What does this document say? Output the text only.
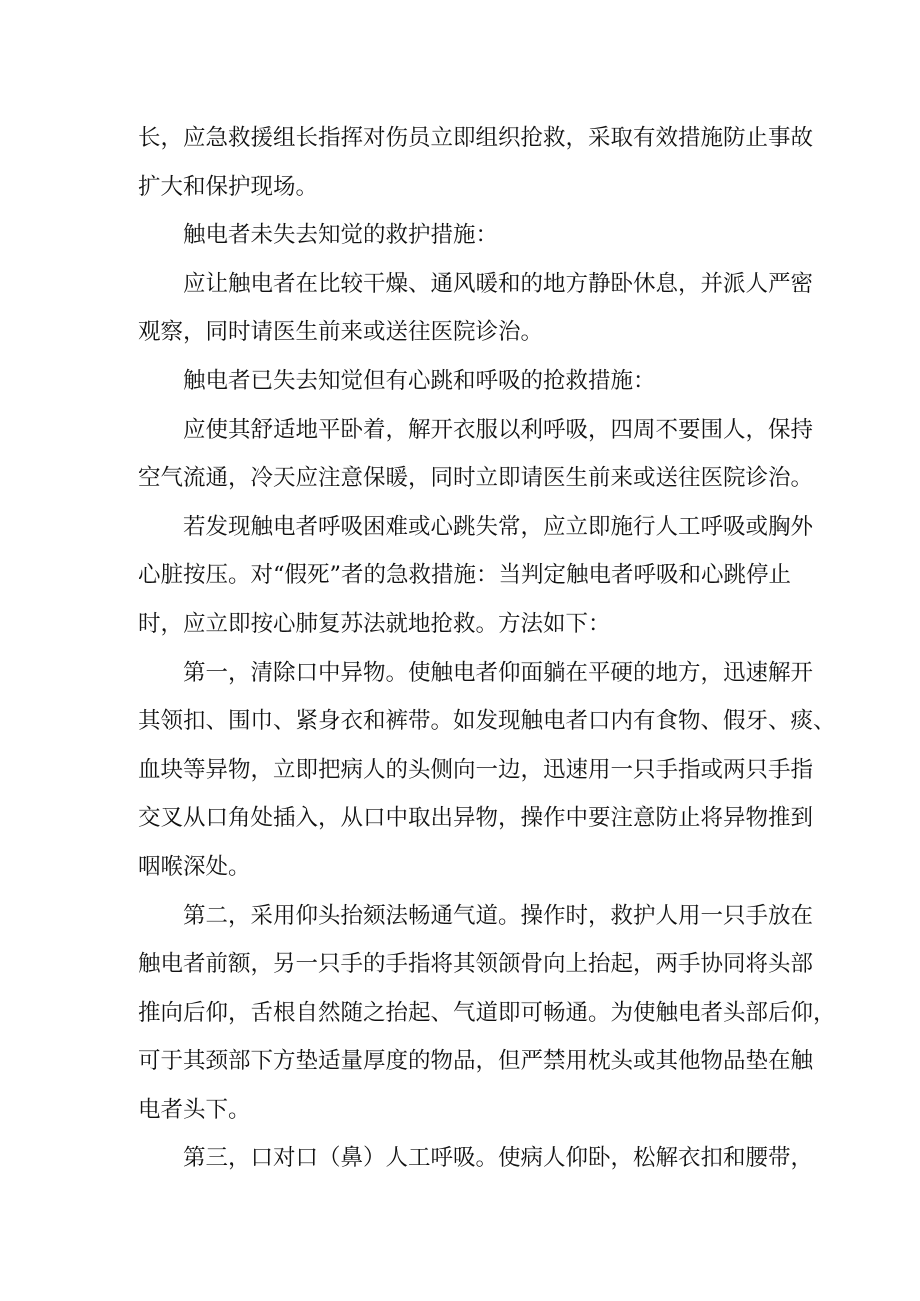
长，应急救援组长指挥对伤员立即组织抢救，采取有效措施防止事故
扩大和保护现场。
触电者未失去知觉的救护措施：
应让触电者在比较干燥、通风暖和的地方静卧休息，并派人严密
观察，同时请医生前来或送往医院诊治。
触电者已失去知觉但有心跳和呼吸的抢救措施：
应使其舒适地平卧着，解开衣服以利呼吸，四周不要围人，保持
空气流通，冷天应注意保暖，同时立即请医生前来或送往医院诊治。
若发现触电者呼吸困难或心跳失常，应立即施行人工呼吸或胸外
心脏按压。对“假死”者的急救措施：当判定触电者呼吸和心跳停止
时，应立即按心肺复苏法就地抢救。方法如下：
第一，清除口中异物。使触电者仰面躺在平硬的地方，迅速解开
其领扣、围巾、紧身衣和裤带。如发现触电者口内有食物、假牙、痰、
血块等异物，立即把病人的头侧向一边，迅速用一只手指或两只手指
交叉从口角处插入，从口中取出异物，操作中要注意防止将异物推到
咽喉深处。
第二，采用仰头抬颏法畅通气道。操作时，救护人用一只手放在
触电者前额，另一只手的手指将其领颌骨向上抬起，两手协同将头部
推向后仰，舌根自然随之抬起、气道即可畅通。为使触电者头部后仰，
可于其颈部下方垫适量厚度的物品，但严禁用枕头或其他物品垫在触
电者头下。
第三，口对口（鼻）人工呼吸。使病人仰卧，松解衣扣和腰带，
